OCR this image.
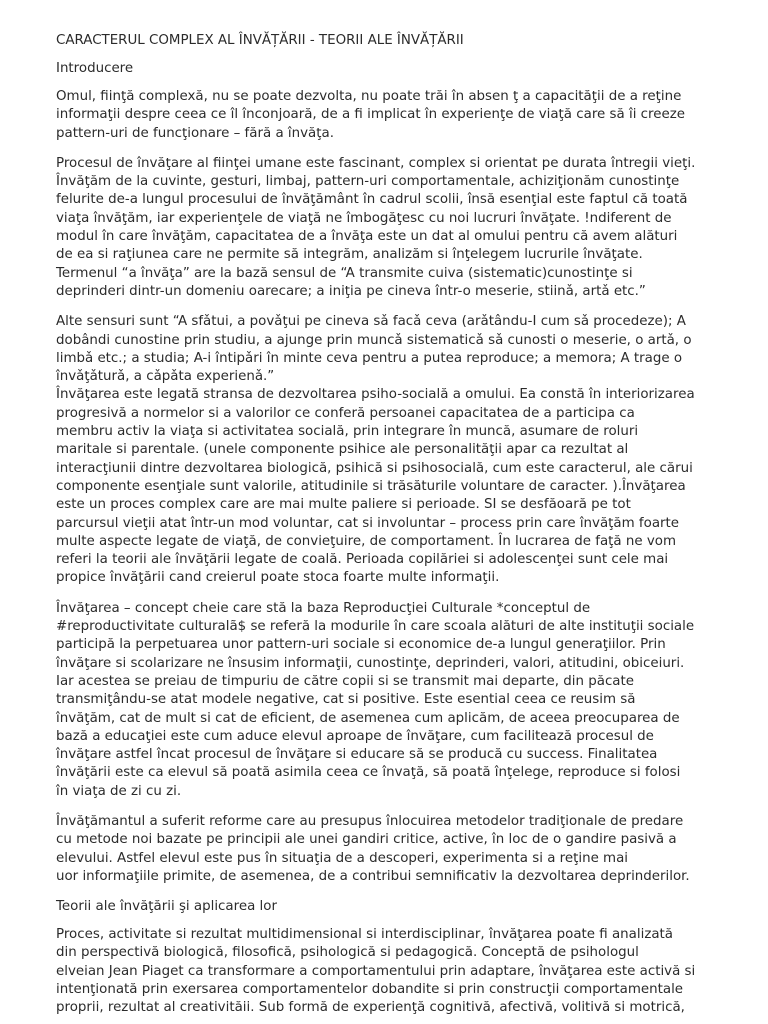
CARACTERUL COMPLEX AL ÎNVĂȚĂRII - TEORII ALE ÎNVĂȚĂRII
Introducere
Omul, fiinţă complexă, nu se poate dezvolta, nu poate trăi în absen ţ a capacităţii de a reţine
informaţii despre ceea ce îl înconjoară, de a fi implicat în experienţe de viaţă care să îi creeze
pattern-uri de funcţionare – fără a învăţa.
Procesul de învăţare al fiinţei umane este fascinant, complex si orientat pe durata întregii vieţi.
Învăţăm de la cuvinte, gesturi, limbaj, pattern-uri comportamentale, achiziţionăm cunostinţe
felurite de-a lungul procesului de învăţământ în cadrul scolii, însă esenţial este faptul că toată
viaţa învăţăm, iar experienţele de viaţă ne îmbogăţesc cu noi lucruri învăţate. !ndiferent de
modul în care învăţăm, capacitatea de a învăţa este un dat al omului pentru că avem alături
de ea si raţiunea care ne permite să integrăm, analizăm si înţelegem lucrurile învăţate.
Termenul “a învăţa” are la bază sensul de “A transmite cuiva (sistematic)cunostinţe si
deprinderi dintr-un domeniu oarecare; a iniţia pe cineva într-o meserie, stiinǎ, artǎ etc.”
Alte sensuri sunt “A sfǎtui, a povǎţui pe cineva sǎ facǎ ceva (arǎtându-I cum sǎ procedeze); A
dobândi cunostine prin studiu, a ajunge prin muncǎ sistematicǎ sǎ cunosti o meserie, o artǎ, o
limbǎ etc.; a studia; A-i întipǎri în minte ceva pentru a putea reproduce; a memora; A trage o
învǎţǎturǎ, a cǎpǎta experienǎ.”
Învăţarea este legată stransa de dezvoltarea psiho-socială a omului. Ea constă în interiorizarea
progresivă a normelor si a valorilor ce conferă persoanei capacitatea de a participa ca
membru activ la viaţa si activitatea socială, prin integrare în muncă, asumare de roluri
maritale si parentale. (unele componente psihice ale personalităţii apar ca rezultat al
interacţiunii dintre dezvoltarea biologică, psihică si psihosocială, cum este caracterul, ale cărui
componente esenţiale sunt valorile, atitudinile si trăsăturile voluntare de caracter. ).Învăţarea
este un proces complex care are mai multe paliere si perioade. SI se desfăoară pe tot
parcursul vieţii atat într-un mod voluntar, cat si involuntar – process prin care învăţăm foarte
multe aspecte legate de viaţă, de convieţuire, de comportament. În lucrarea de faţă ne vom
referi la teorii ale învăţării legate de coală. Perioada copilăriei si adolescenţei sunt cele mai
propice învăţării cand creierul poate stoca foarte multe informaţii.
Învăţarea – concept cheie care stă la baza Reproducţiei Culturale *conceptul de
#reproductivitate culturalã$ se referă la modurile în care scoala alături de alte instituţii sociale
participă la perpetuarea unor pattern-uri sociale si economice de-a lungul generaţiilor. Prin
învăţare si scolarizare ne însusim informaţii, cunostinţe, deprinderi, valori, atitudini, obiceiuri.
Iar acestea se preiau de timpuriu de către copii si se transmit mai departe, din păcate
transmiţându-se atat modele negative, cat si positive. Este esential ceea ce reusim să
învăţăm, cat de mult si cat de eficient, de asemenea cum aplicăm, de aceea preocuparea de
bază a educaţiei este cum aduce elevul aproape de învăţare, cum facilitează procesul de
învăţare astfel încat procesul de învăţare si educare să se producă cu success. Finalitatea
învăţării este ca elevul să poată asimila ceea ce învaţă, să poată înţelege, reproduce si folosi
în viaţa de zi cu zi.
Învăţămantul a suferit reforme care au presupus înlocuirea metodelor tradiţionale de predare
cu metode noi bazate pe principii ale unei gandiri critice, active, în loc de o gandire pasivă a
elevului. Astfel elevul este pus în situaţia de a descoperi, experimenta si a reţine mai
uor informaţiile primite, de asemenea, de a contribui semnificativ la dezvoltarea deprinderilor.
Teorii ale învăţării şi aplicarea lor
Proces, activitate si rezultat multidimensional si interdisciplinar, învăţarea poate fi analizată
din perspectivă biologică, filosofică, psihologică si pedagogică. Conceptă de psihologul
elveian Jean Piaget ca transformare a comportamentului prin adaptare, învăţarea este activă si
intenţionată prin exersarea comportamentelor dobandite si prin construcţii comportamentale
proprii, rezultat al creativităii. Sub formă de experienţă cognitivă, afectivă, volitivă si motrică,
